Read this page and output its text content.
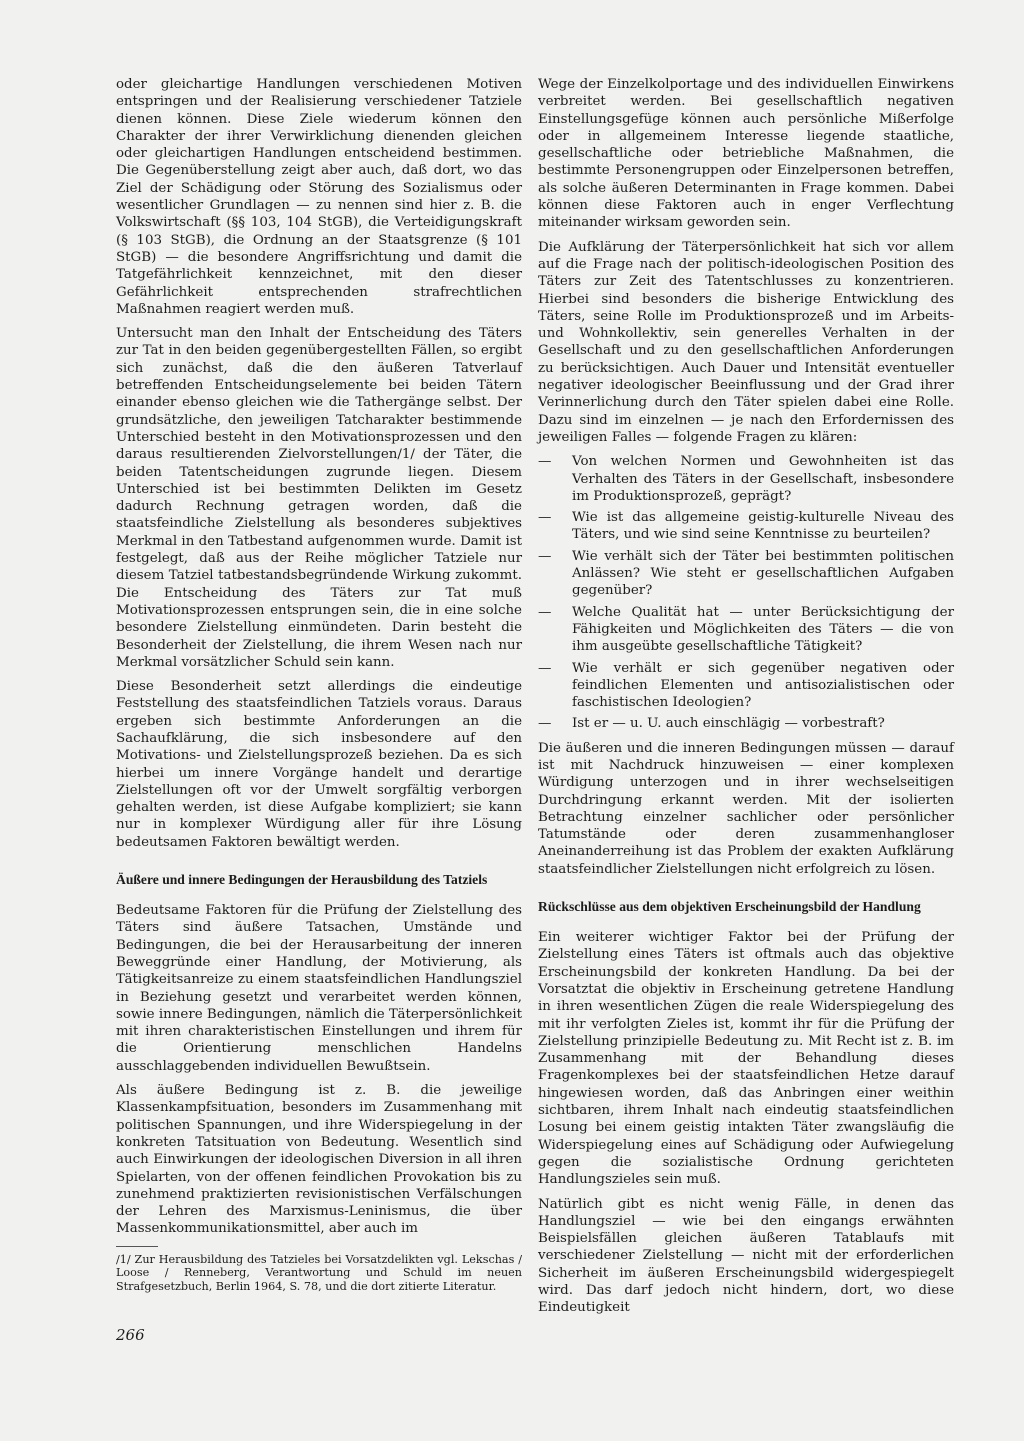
oder gleichartige Handlungen verschiedenen Motiven entspringen und der Realisierung verschiedener Tatziele dienen können. Diese Ziele wiederum können den Charakter der ihrer Verwirklichung dienenden gleichen oder gleichartigen Handlungen entscheidend bestimmen. Die Gegenüberstellung zeigt aber auch, daß dort, wo das Ziel der Schädigung oder Störung des Sozialismus oder wesentlicher Grundlagen — zu nennen sind hier z. B. die Volkswirtschaft (§§ 103, 104 StGB), die Verteidigungskraft (§ 103 StGB), die Ordnung an der Staatsgrenze (§ 101 StGB) — die besondere Angriffsrichtung und damit die Tatgefährlichkeit kennzeichnet, mit den dieser Gefährlichkeit entsprechenden strafrechtlichen Maßnahmen reagiert werden muß.

Untersucht man den Inhalt der Entscheidung des Täters zur Tat in den beiden gegenübergestellten Fällen, so ergibt sich zunächst, daß die den äußeren Tatverlauf betreffenden Entscheidungselemente bei beiden Tätern einander ebenso gleichen wie die Tathergänge selbst. Der grundsätzliche, den jeweiligen Tatcharakter bestimmende Unterschied besteht in den Motivationsprozessen und den daraus resultierenden Zielvorstellungen/1/ der Täter, die beiden Tatentscheidungen zugrunde liegen. Diesem Unterschied ist bei bestimmten Delikten im Gesetz dadurch Rechnung getragen worden, daß die staatsfeindliche Zielstellung als besonderes subjektives Merkmal in den Tatbestand aufgenommen wurde. Damit ist festgelegt, daß aus der Reihe möglicher Tatziele nur diesem Tatziel tatbestandsbegründende Wirkung zukommt. Die Entscheidung des Täters zur Tat muß Motivationsprozessen entsprungen sein, die in eine solche besondere Zielstellung einmündeten. Darin besteht die Besonderheit der Zielstellung, die ihrem Wesen nach nur Merkmal vorsätzlicher Schuld sein kann.

Diese Besonderheit setzt allerdings die eindeutige Feststellung des staatsfeindlichen Tatziels voraus. Daraus ergeben sich bestimmte Anforderungen an die Sachaufklärung, die sich insbesondere auf den Motivations- und Zielstellungsprozeß beziehen. Da es sich hierbei um innere Vorgänge handelt und derartige Zielstellungen oft vor der Umwelt sorgfältig verborgen gehalten werden, ist diese Aufgabe kompliziert; sie kann nur in komplexer Würdigung aller für ihre Lösung bedeutsamen Faktoren bewältigt werden.

Äußere und innere Bedingungen der Herausbildung des Tatziels

Bedeutsame Faktoren für die Prüfung der Zielstellung des Täters sind äußere Tatsachen, Umstände und Bedingungen, die bei der Herausarbeitung der inneren Beweggründe einer Handlung, der Motivierung, als Tätigkeitsanreize zu einem staatsfeindlichen Handlungsziel in Beziehung gesetzt und verarbeitet werden können, sowie innere Bedingungen, nämlich die Täterpersönlichkeit mit ihren charakteristischen Einstellungen und ihrem für die Orientierung menschlichen Handelns ausschlaggebenden individuellen Bewußtsein.

Als äußere Bedingung ist z. B. die jeweilige Klassenkampfsituation, besonders im Zusammenhang mit politischen Spannungen, und ihre Widerspiegelung in der konkreten Tatsituation von Bedeutung. Wesentlich sind auch Einwirkungen der ideologischen Diversion in all ihren Spielarten, von der offenen feindlichen Provokation bis zu zunehmend praktizierten revisionistischen Verfälschungen der Lehren des Marxismus-Leninismus, die über Massenkommunikationsmittel, aber auch im

/1/ Zur Herausbildung des Tatzieles bei Vorsatzdelikten vgl. Lekschas / Loose / Renneberg, Verantwortung und Schuld im neuen Strafgesetzbuch, Berlin 1964, S. 78, und die dort zitierte Literatur.

Wege der Einzelkolportage und des individuellen Einwirkens verbreitet werden. Bei gesellschaftlich negativen Einstellungsgefüge können auch persönliche Mißerfolge oder in allgemeinem Interesse liegende staatliche, gesellschaftliche oder betriebliche Maßnahmen, die bestimmte Personengruppen oder Einzelpersonen betreffen, als solche äußeren Determinanten in Frage kommen. Dabei können diese Faktoren auch in enger Verflechtung miteinander wirksam geworden sein.

Die Aufklärung der Täterpersönlichkeit hat sich vor allem auf die Frage nach der politisch-ideologischen Position des Täters zur Zeit des Tatentschlusses zu konzentrieren. Hierbei sind besonders die bisherige Entwicklung des Täters, seine Rolle im Produktionsprozeß und im Arbeits- und Wohnkollektiv, sein generelles Verhalten in der Gesellschaft und zu den gesellschaftlichen Anforderungen zu berücksichtigen. Auch Dauer und Intensität eventueller negativer ideologischer Beeinflussung und der Grad ihrer Verinnerlichung durch den Täter spielen dabei eine Rolle. Dazu sind im einzelnen — je nach den Erfordernissen des jeweiligen Falles — folgende Fragen zu klären:

— Von welchen Normen und Gewohnheiten ist das Verhalten des Täters in der Gesellschaft, insbesondere im Produktionsprozeß, geprägt?
— Wie ist das allgemeine geistig-kulturelle Niveau des Täters, und wie sind seine Kenntnisse zu beurteilen?
— Wie verhält sich der Täter bei bestimmten politischen Anlässen? Wie steht er gesellschaftlichen Aufgaben gegenüber?
— Welche Qualität hat — unter Berücksichtigung der Fähigkeiten und Möglichkeiten des Täters — die von ihm ausgeübte gesellschaftliche Tätigkeit?
— Wie verhält er sich gegenüber negativen oder feindlichen Elementen und antisozialistischen oder faschistischen Ideologien?
— Ist er — u. U. auch einschlägig — vorbestraft?

Die äußeren und die inneren Bedingungen müssen — darauf ist mit Nachdruck hinzuweisen — einer komplexen Würdigung unterzogen und in ihrer wechselseitigen Durchdringung erkannt werden. Mit der isolierten Betrachtung einzelner sachlicher oder persönlicher Tatumstände oder deren zusammenhangloser Aneinanderreihung ist das Problem der exakten Aufklärung staatsfeindlicher Zielstellungen nicht erfolgreich zu lösen.

Rückschlüsse aus dem objektiven Erscheinungsbild der Handlung

Ein weiterer wichtiger Faktor bei der Prüfung der Zielstellung eines Täters ist oftmals auch das objektive Erscheinungsbild der konkreten Handlung. Da bei der Vorsatztat die objektiv in Erscheinung getretene Handlung in ihren wesentlichen Zügen die reale Widerspiegelung des mit ihr verfolgten Zieles ist, kommt ihr für die Prüfung der Zielstellung prinzipielle Bedeutung zu. Mit Recht ist z. B. im Zusammenhang mit der Behandlung dieses Fragenkomplexes bei der staatsfeindlichen Hetze darauf hingewiesen worden, daß das Anbringen einer weithin sichtbaren, ihrem Inhalt nach eindeutig staatsfeindlichen Losung bei einem geistig intakten Täter zwangsläufig die Widerspiegelung eines auf Schädigung oder Aufwiegelung gegen die sozialistische Ordnung gerichteten Handlungszieles sein muß.

Natürlich gibt es nicht wenig Fälle, in denen das Handlungsziel — wie bei den eingangs erwähnten Beispielsfällen gleichen äußeren Tatablaufs mit verschiedener Zielstellung — nicht mit der erforderlichen Sicherheit im äußeren Erscheinungsbild widergespiegelt wird. Das darf jedoch nicht hindern, dort, wo diese Eindeutigkeit

266
